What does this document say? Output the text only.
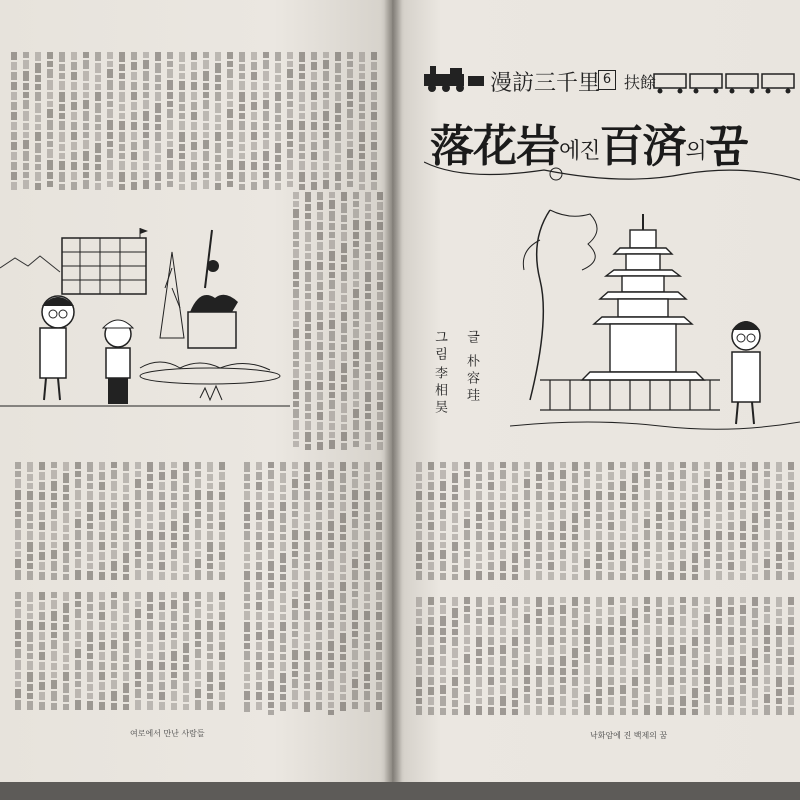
漫訪三千里 6 扶餘
落花岩에진百済의꿈
글
朴容珪
그림
李相昊
여로에서 만난 사람들	낙화암에 진 백제의 꿈
